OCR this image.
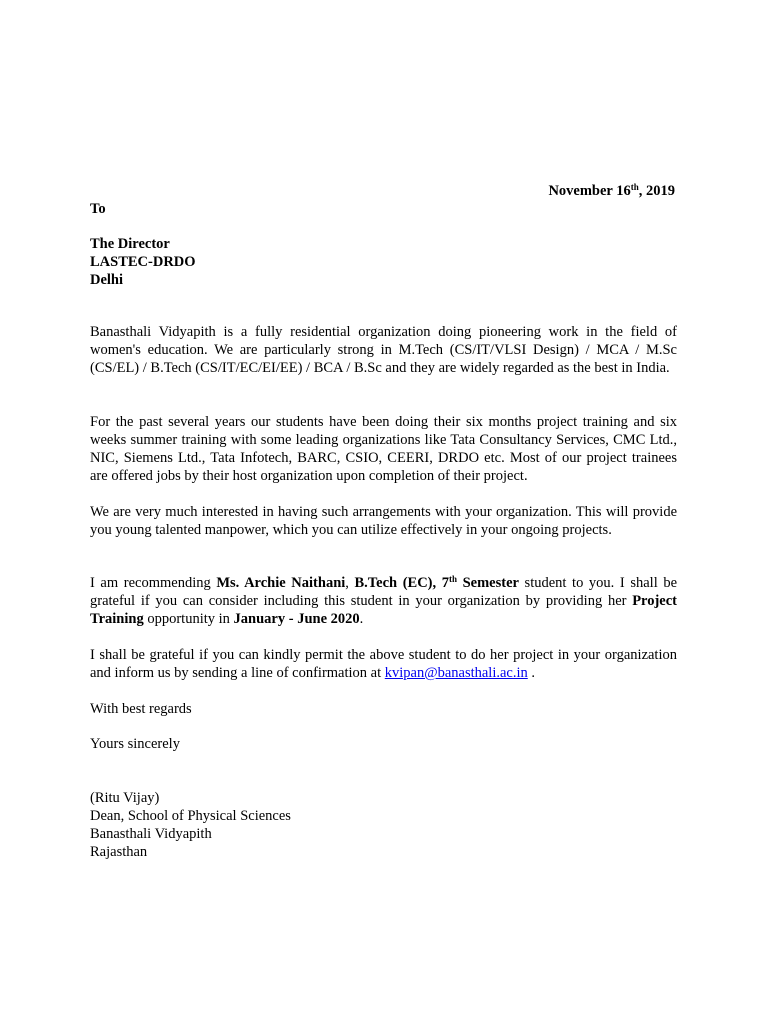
November 16th, 2019
To
The Director
LASTEC-DRDO
Delhi
Banasthali Vidyapith is a fully residential organization doing pioneering work in the field of women's education. We are particularly strong in M.Tech (CS/IT/VLSI Design) / MCA / M.Sc (CS/EL) / B.Tech (CS/IT/EC/EI/EE) / BCA / B.Sc and they are widely regarded as the best in India.
For the past several years our students have been doing their six months project training and six weeks summer training with some leading organizations like Tata Consultancy Services, CMC Ltd., NIC, Siemens Ltd., Tata Infotech, BARC, CSIO, CEERI, DRDO etc. Most of our project trainees are offered jobs by their host organization upon completion of their project.
We are very much interested in having such arrangements with your organization. This will provide you young talented manpower, which you can utilize effectively in your ongoing projects.
I am recommending Ms. Archie Naithani, B.Tech (EC), 7th Semester student to you. I shall be grateful if you can consider including this student in your organization by providing her Project Training opportunity in January - June 2020.
I shall be grateful if you can kindly permit the above student to do her project in your organization and inform us by sending a line of confirmation at kvipan@banasthali.ac.in .
With best regards
Yours sincerely
(Ritu Vijay)
Dean, School of Physical Sciences
Banasthali Vidyapith
Rajasthan
